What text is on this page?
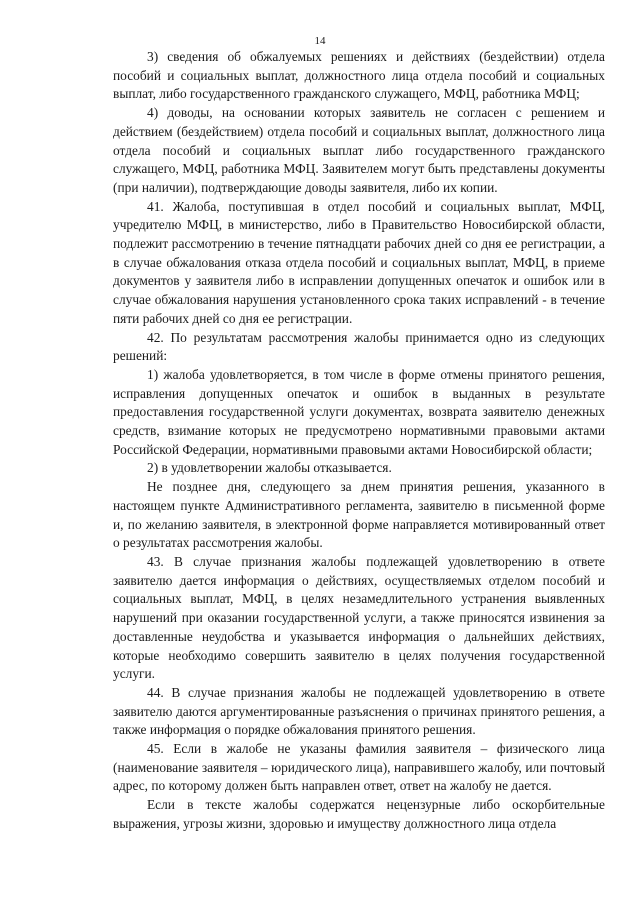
14

3) сведения об обжалуемых решениях и действиях (бездействии) отдела пособий и социальных выплат, должностного лица отдела пособий и социальных выплат, либо государственного гражданского служащего, МФЦ, работника МФЦ;

4) доводы, на основании которых заявитель не согласен с решением и действием (бездействием) отдела пособий и социальных выплат, должностного лица отдела пособий и социальных выплат либо государственного гражданского служащего, МФЦ, работника МФЦ. Заявителем могут быть представлены документы (при наличии), подтверждающие доводы заявителя, либо их копии.

41. Жалоба, поступившая в отдел пособий и социальных выплат, МФЦ, учредителю МФЦ, в министерство, либо в Правительство Новосибирской области, подлежит рассмотрению в течение пятнадцати рабочих дней со дня ее регистрации, а в случае обжалования отказа отдела пособий и социальных выплат, МФЦ, в приеме документов у заявителя либо в исправлении допущенных опечаток и ошибок или в случае обжалования нарушения установленного срока таких исправлений - в течение пяти рабочих дней со дня ее регистрации.

42. По результатам рассмотрения жалобы принимается одно из следующих решений:

1) жалоба удовлетворяется, в том числе в форме отмены принятого решения, исправления допущенных опечаток и ошибок в выданных в результате предоставления государственной услуги документах, возврата заявителю денежных средств, взимание которых не предусмотрено нормативными правовыми актами Российской Федерации, нормативными правовыми актами Новосибирской области;

2) в удовлетворении жалобы отказывается.

Не позднее дня, следующего за днем принятия решения, указанного в настоящем пункте Административного регламента, заявителю в письменной форме и, по желанию заявителя, в электронной форме направляется мотивированный ответ о результатах рассмотрения жалобы.

43. В случае признания жалобы подлежащей удовлетворению в ответе заявителю дается информация о действиях, осуществляемых отделом пособий и социальных выплат, МФЦ, в целях незамедлительного устранения выявленных нарушений при оказании государственной услуги, а также приносятся извинения за доставленные неудобства и указывается информация о дальнейших действиях, которые необходимо совершить заявителю в целях получения государственной услуги.

44. В случае признания жалобы не подлежащей удовлетворению в ответе заявителю даются аргументированные разъяснения о причинах принятого решения, а также информация о порядке обжалования принятого решения.

45. Если в жалобе не указаны фамилия заявителя – физического лица (наименование заявителя – юридического лица), направившего жалобу, или почтовый адрес, по которому должен быть направлен ответ, ответ на жалобу не дается.

Если в тексте жалобы содержатся нецензурные либо оскорбительные выражения, угрозы жизни, здоровью и имуществу должностного лица отдела
